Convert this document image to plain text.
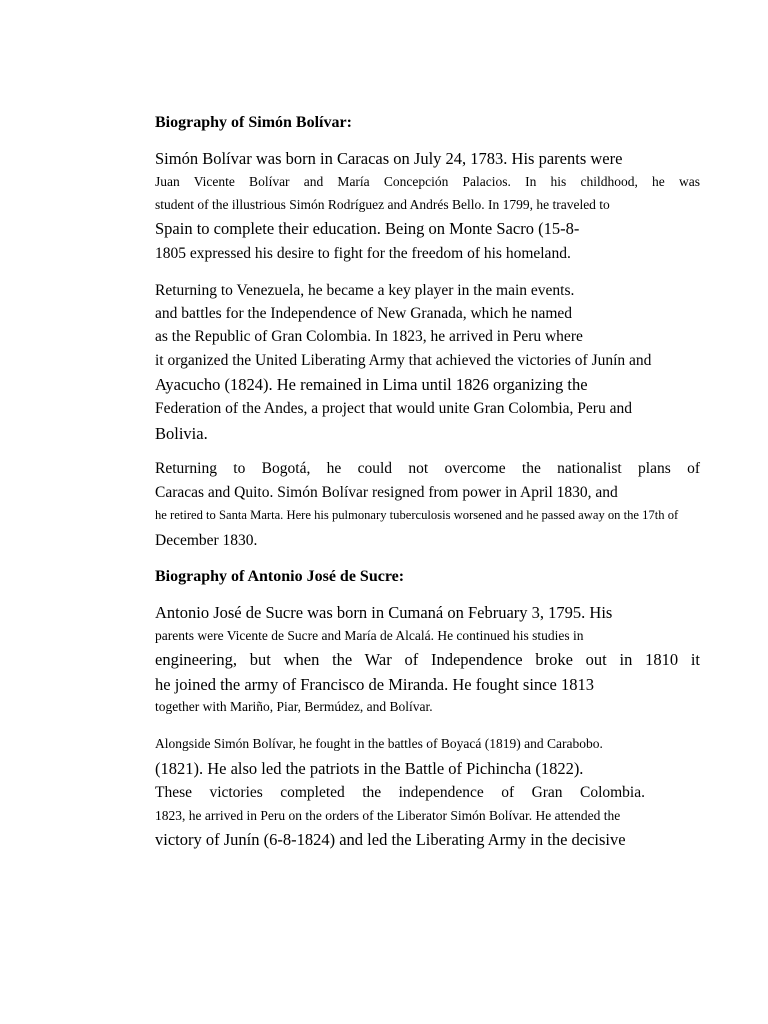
Biography of Simón Bolívar:
Simón Bolívar was born in Caracas on July 24, 1783. His parents were
Juan Vicente Bolívar and María Concepción Palacios. In his childhood, he was
student of the illustrious Simón Rodríguez and Andrés Bello. In 1799, he traveled to
Spain to complete their education. Being on Monte Sacro (15-8-
1805 expressed his desire to fight for the freedom of his homeland.
Returning to Venezuela, he became a key player in the main events.
and battles for the Independence of New Granada, which he named
as the Republic of Gran Colombia. In 1823, he arrived in Peru where
it organized the United Liberating Army that achieved the victories of Junín and
Ayacucho (1824). He remained in Lima until 1826 organizing the
Federation of the Andes, a project that would unite Gran Colombia, Peru and
Bolivia.
Returning to Bogotá, he could not overcome the nationalist plans of
Caracas and Quito. Simón Bolívar resigned from power in April 1830, and
he retired to Santa Marta. Here his pulmonary tuberculosis worsened and he passed away on the 17th of
December 1830.
Biography of Antonio José de Sucre:
Antonio José de Sucre was born in Cumaná on February 3, 1795. His
parents were Vicente de Sucre and María de Alcalá. He continued his studies in
engineering, but when the War of Independence broke out in 1810 it
he joined the army of Francisco de Miranda. He fought since 1813
together with Mariño, Piar, Bermúdez, and Bolívar.
Alongside Simón Bolívar, he fought in the battles of Boyacá (1819) and Carabobo.
(1821). He also led the patriots in the Battle of Pichincha (1822).
These victories completed the independence of Gran Colombia.
1823, he arrived in Peru on the orders of the Liberator Simón Bolívar. He attended the
victory of Junín (6-8-1824) and led the Liberating Army in the decisive
